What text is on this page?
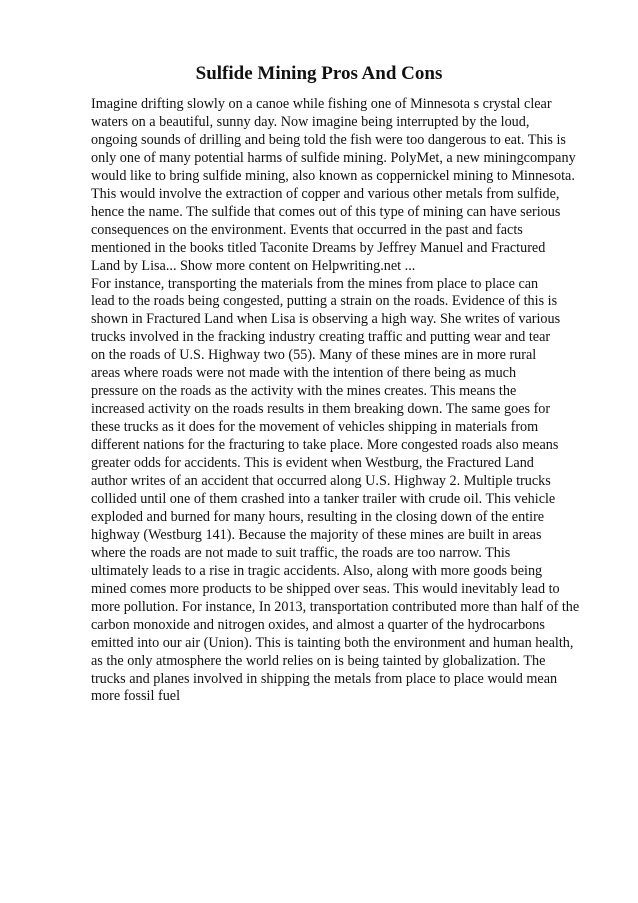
Sulfide Mining Pros And Cons
Imagine drifting slowly on a canoe while fishing one of Minnesota s crystal clear
waters on a beautiful, sunny day. Now imagine being interrupted by the loud,
ongoing sounds of drilling and being told the fish were too dangerous to eat. This is
only one of many potential harms of sulfide mining. PolyMet, a new miningcompany
would like to bring sulfide mining, also known as coppernickel mining to Minnesota.
This would involve the extraction of copper and various other metals from sulfide,
hence the name. The sulfide that comes out of this type of mining can have serious
consequences on the environment. Events that occurred in the past and facts
mentioned in the books titled Taconite Dreams by Jeffrey Manuel and Fractured
Land by Lisa... Show more content on Helpwriting.net ...
For instance, transporting the materials from the mines from place to place can
lead to the roads being congested, putting a strain on the roads. Evidence of this is
shown in Fractured Land when Lisa is observing a high way. She writes of various
trucks involved in the fracking industry creating traffic and putting wear and tear
on the roads of U.S. Highway two (55). Many of these mines are in more rural
areas where roads were not made with the intention of there being as much
pressure on the roads as the activity with the mines creates. This means the
increased activity on the roads results in them breaking down. The same goes for
these trucks as it does for the movement of vehicles shipping in materials from
different nations for the fracturing to take place. More congested roads also means
greater odds for accidents. This is evident when Westburg, the Fractured Land
author writes of an accident that occurred along U.S. Highway 2. Multiple trucks
collided until one of them crashed into a tanker trailer with crude oil. This vehicle
exploded and burned for many hours, resulting in the closing down of the entire
highway (Westburg 141). Because the majority of these mines are built in areas
where the roads are not made to suit traffic, the roads are too narrow. This
ultimately leads to a rise in tragic accidents. Also, along with more goods being
mined comes more products to be shipped over seas. This would inevitably lead to
more pollution. For instance, In 2013, transportation contributed more than half of the
carbon monoxide and nitrogen oxides, and almost a quarter of the hydrocarbons
emitted into our air (Union). This is tainting both the environment and human health,
as the only atmosphere the world relies on is being tainted by globalization. The
trucks and planes involved in shipping the metals from place to place would mean
more fossil fuel
